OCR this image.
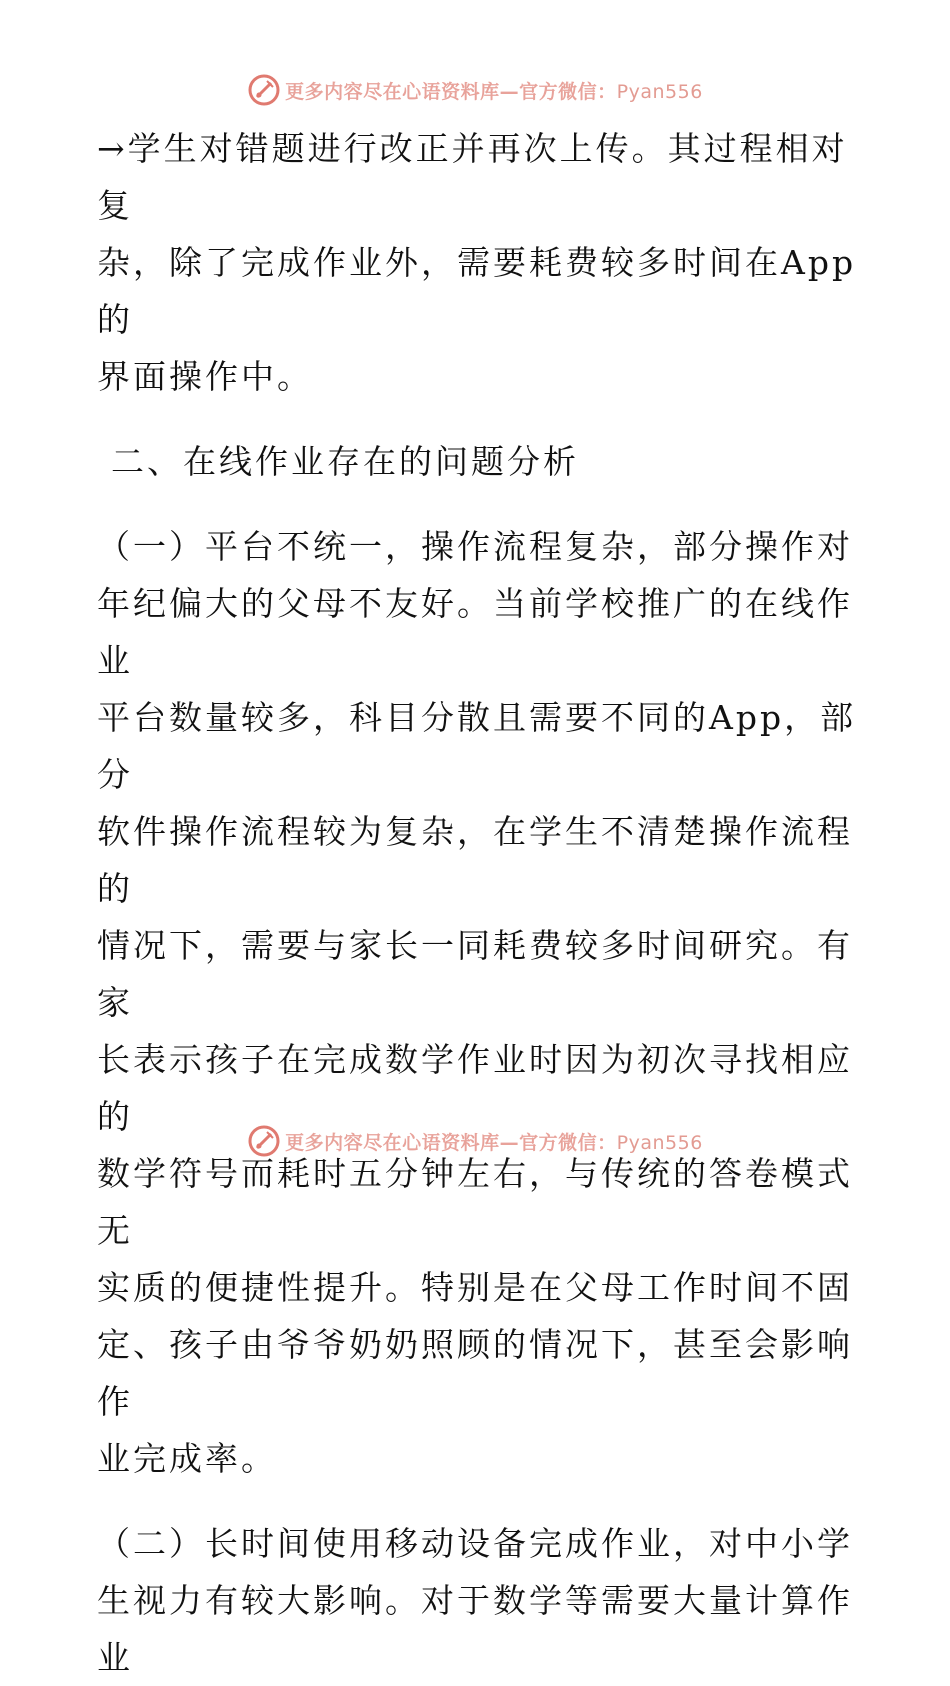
更多内容尽在心语资料库—官方微信：Pyan556

→学生对错题进行改正并再次上传。其过程相对复
杂，除了完成作业外，需要耗费较多时间在App的
界面操作中。

二、在线作业存在的问题分析

（一）平台不统一，操作流程复杂，部分操作对
年纪偏大的父母不友好。当前学校推广的在线作业
平台数量较多，科目分散且需要不同的App，部分
软件操作流程较为复杂，在学生不清楚操作流程的
情况下，需要与家长一同耗费较多时间研究。有家
长表示孩子在完成数学作业时因为初次寻找相应的
数学符号而耗时五分钟左右，与传统的答卷模式无
实质的便捷性提升。特别是在父母工作时间不固
定、孩子由爷爷奶奶照顾的情况下，甚至会影响作
业完成率。

（二）长时间使用移动设备完成作业，对中小学
生视力有较大影响。对于数学等需要大量计算作业

更多内容尽在心语资料库—官方微信：Pyan556
